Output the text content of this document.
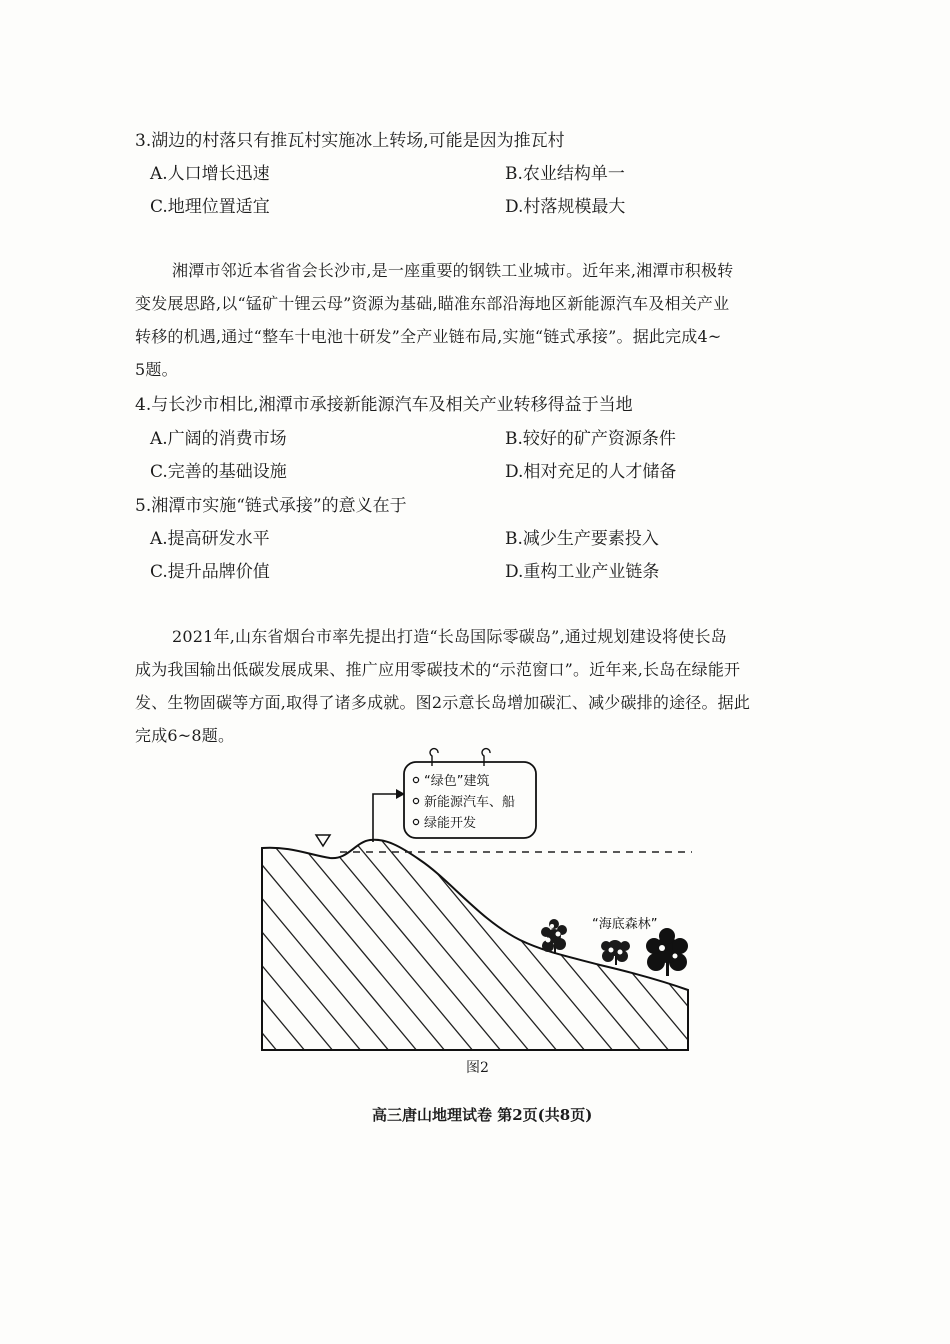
3.湖边的村落只有推瓦村实施冰上转场,可能是因为推瓦村
A.人口增长迅速	B.农业结构单一
C.地理位置适宜	D.村落规模最大
湘潭市邻近本省省会长沙市,是一座重要的钢铁工业城市。近年来,湘潭市积极转
变发展思路,以“锰矿十锂云母”资源为基础,瞄准东部沿海地区新能源汽车及相关产业
转移的机遇,通过“整车十电池十研发”全产业链布局,实施“链式承接”。据此完成4~
5题。
4.与长沙市相比,湘潭市承接新能源汽车及相关产业转移得益于当地
A.广阔的消费市场	B.较好的矿产资源条件
C.完善的基础设施	D.相对充足的人才储备
5.湘潭市实施“链式承接”的意义在于
A.提高研发水平	B.减少生产要素投入
C.提升品牌价值	D.重构工业产业链条
2021年,山东省烟台市率先提出打造“长岛国际零碳岛”,通过规划建设将使长岛
成为我国输出低碳发展成果、推广应用零碳技术的“示范窗口”。近年来,长岛在绿能开
发、生物固碳等方面,取得了诸多成就。图2示意长岛增加碳汇、减少碳排的途径。据此
完成6~8题。
“绿色”建筑
新能源汽车、船
绿能开发
“海底森林”
图2
高三唐山地理试卷 第2页(共8页)
